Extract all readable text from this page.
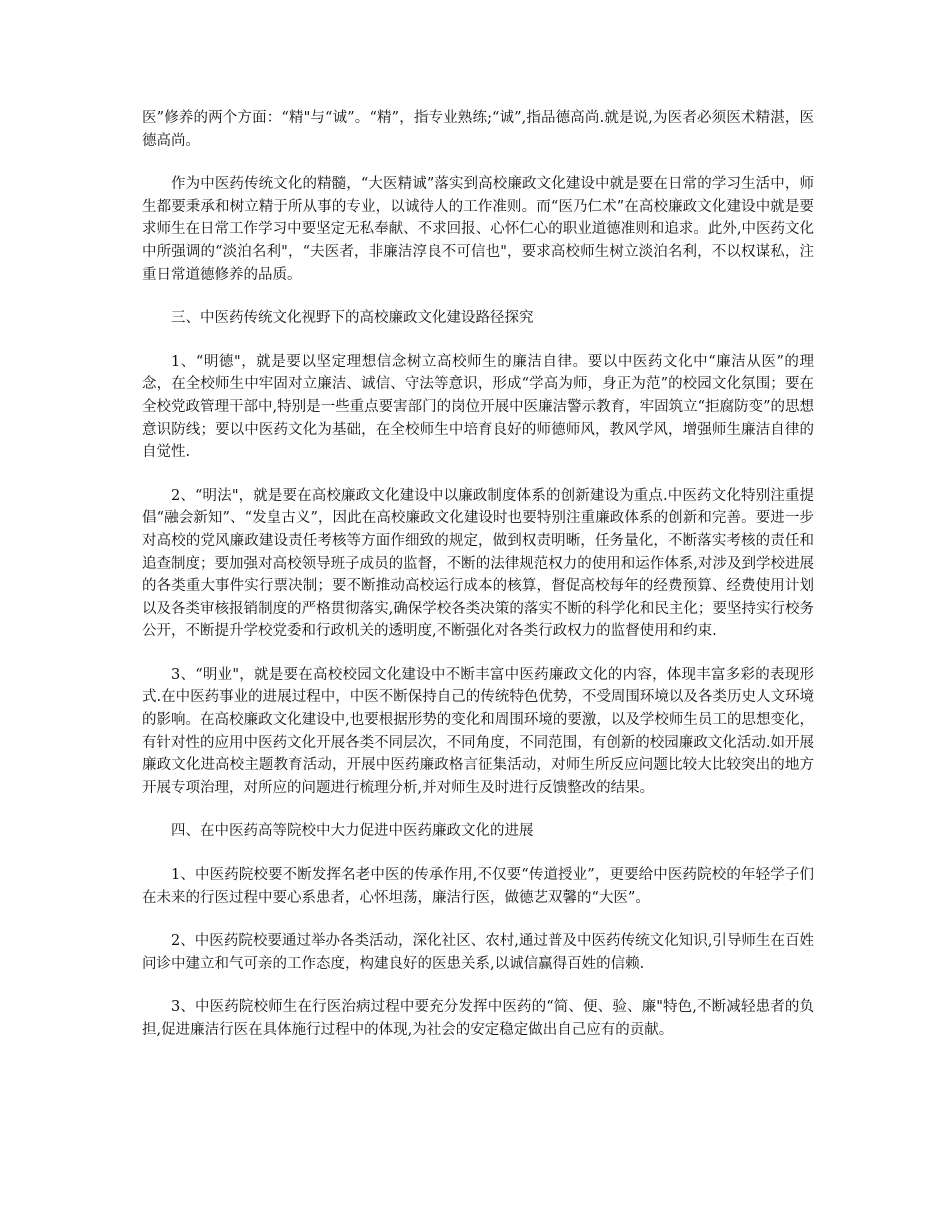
医”修养的两个方面：“精"与“诚”。“精”，指专业熟练;“诚”,指品德高尚.就是说,为医者必须医术精湛，医德高尚。

作为中医药传统文化的精髓，“大医精诚”落实到高校廉政文化建设中就是要在日常的学习生活中，师生都要秉承和树立精于所从事的专业，以诚待人的工作准则。而“医乃仁术”在高校廉政文化建设中就是要求师生在日常工作学习中要坚定无私奉献、不求回报、心怀仁心的职业道德准则和追求。此外,中医药文化中所强调的“淡泊名利"，“夫医者，非廉洁淳良不可信也"，要求高校师生树立淡泊名利，不以权谋私，注重日常道德修养的品质。

三、中医药传统文化视野下的高校廉政文化建设路径探究

1、“明德"，就是要以坚定理想信念树立高校师生的廉洁自律。要以中医药文化中“廉洁从医”的理念，在全校师生中牢固对立廉洁、诚信、守法等意识，形成“学高为师，身正为范”的校园文化氛围；要在全校党政管理干部中,特别是一些重点要害部门的岗位开展中医廉洁警示教育，牢固筑立“拒腐防变”的思想意识防线；要以中医药文化为基础，在全校师生中培育良好的师德师风，教风学风，增强师生廉洁自律的自觉性.

2、“明法"，就是要在高校廉政文化建设中以廉政制度体系的创新建设为重点.中医药文化特别注重提倡“融会新知”、“发皇古义”，因此在高校廉政文化建设时也要特别注重廉政体系的创新和完善。要进一步对高校的党风廉政建设责任考核等方面作细致的规定，做到权责明晰，任务量化，不断落实考核的责任和追查制度；要加强对高校领导班子成员的监督，不断的法律规范权力的使用和运作体系,对涉及到学校进展的各类重大事件实行票决制；要不断推动高校运行成本的核算，督促高校每年的经费预算、经费使用计划以及各类审核报销制度的严格贯彻落实,确保学校各类决策的落实不断的科学化和民主化；要坚持实行校务公开，不断提升学校党委和行政机关的透明度,不断强化对各类行政权力的监督使用和约束.

3、“明业"，就是要在高校校园文化建设中不断丰富中医药廉政文化的内容，体现丰富多彩的表现形式.在中医药事业的进展过程中，中医不断保持自己的传统特色优势，不受周围环境以及各类历史人文环境的影响。在高校廉政文化建设中,也要根据形势的变化和周围环境的要激，以及学校师生员工的思想变化，有针对性的应用中医药文化开展各类不同层次，不同角度，不同范围，有创新的校园廉政文化活动.如开展廉政文化进高校主题教育活动，开展中医药廉政格言征集活动，对师生所反应问题比较大比较突出的地方开展专项治理，对所应的问题进行梳理分析,并对师生及时进行反馈整改的结果。

四、在中医药高等院校中大力促进中医药廉政文化的进展

1、中医药院校要不断发挥名老中医的传承作用,不仅要“传道授业”，更要给中医药院校的年轻学子们在未来的行医过程中要心系患者，心怀坦荡，廉洁行医，做德艺双馨的“大医”。

2、中医药院校要通过举办各类活动，深化社区、农村,通过普及中医药传统文化知识,引导师生在百姓问诊中建立和气可亲的工作态度，构建良好的医患关系,以诚信赢得百姓的信赖.

3、中医药院校师生在行医治病过程中要充分发挥中医药的“简、便、验、廉"特色,不断减轻患者的负担,促进廉洁行医在具体施行过程中的体现,为社会的安定稳定做出自己应有的贡献。
